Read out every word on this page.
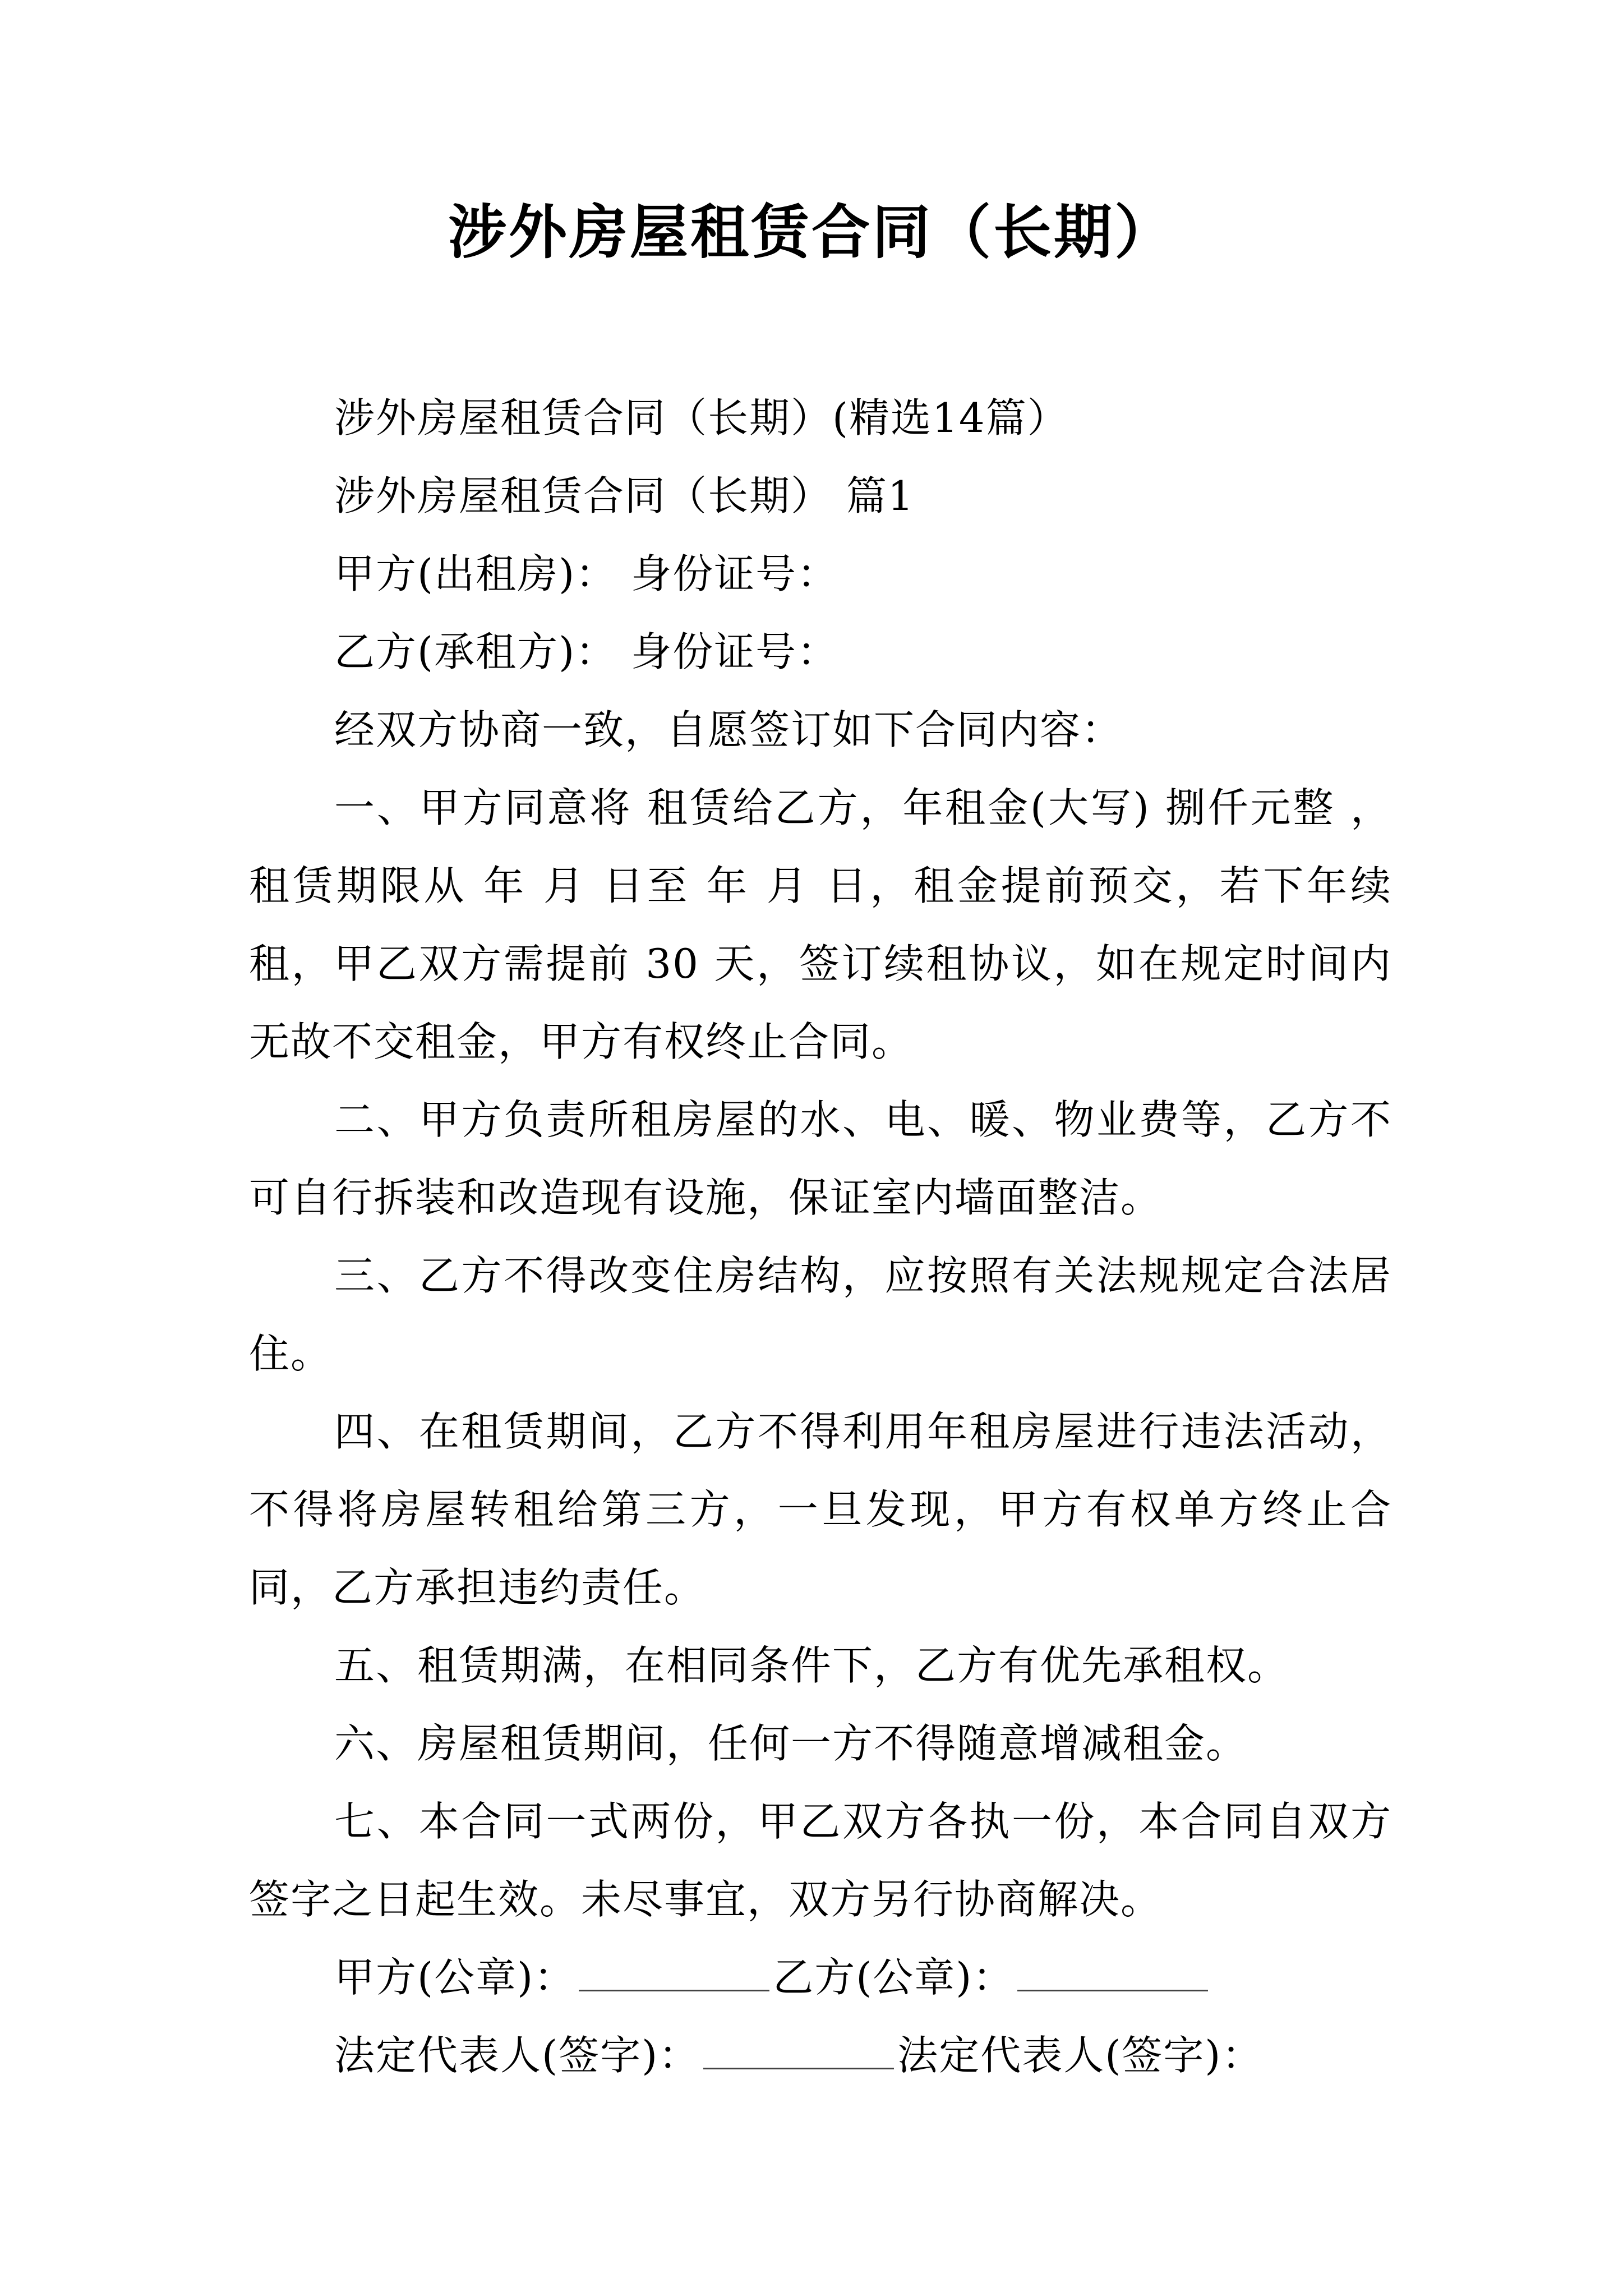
涉外房屋租赁合同（长期）

涉外房屋租赁合同（长期）(精选14篇）

涉外房屋租赁合同（长期） 篇1

甲方(出租房)： 身份证号：

乙方(承租方)： 身份证号：

经双方协商一致，自愿签订如下合同内容：

一、甲方同意将 租赁给乙方，年租金(大写) 捌仟元整 ，租赁期限从 年 月 日至 年 月 日，租金提前预交，若下年续租，甲乙双方需提前 30 天，签订续租协议，如在规定时间内无故不交租金，甲方有权终止合同。

二、甲方负责所租房屋的水、电、暖、物业费等，乙方不可自行拆装和改造现有设施，保证室内墙面整洁。

三、乙方不得改变住房结构，应按照有关法规规定合法居住。

四、在租赁期间，乙方不得利用年租房屋进行违法活动，不得将房屋转租给第三方，一旦发现，甲方有权单方终止合同，乙方承担违约责任。

五、租赁期满，在相同条件下，乙方有优先承租权。

六、房屋租赁期间，任何一方不得随意增减租金。

七、本合同一式两份，甲乙双方各执一份，本合同自双方签字之日起生效。未尽事宜，双方另行协商解决。

甲方(公章)：	乙方(公章)：

法定代表人(签字)：	法定代表人(签字)：
